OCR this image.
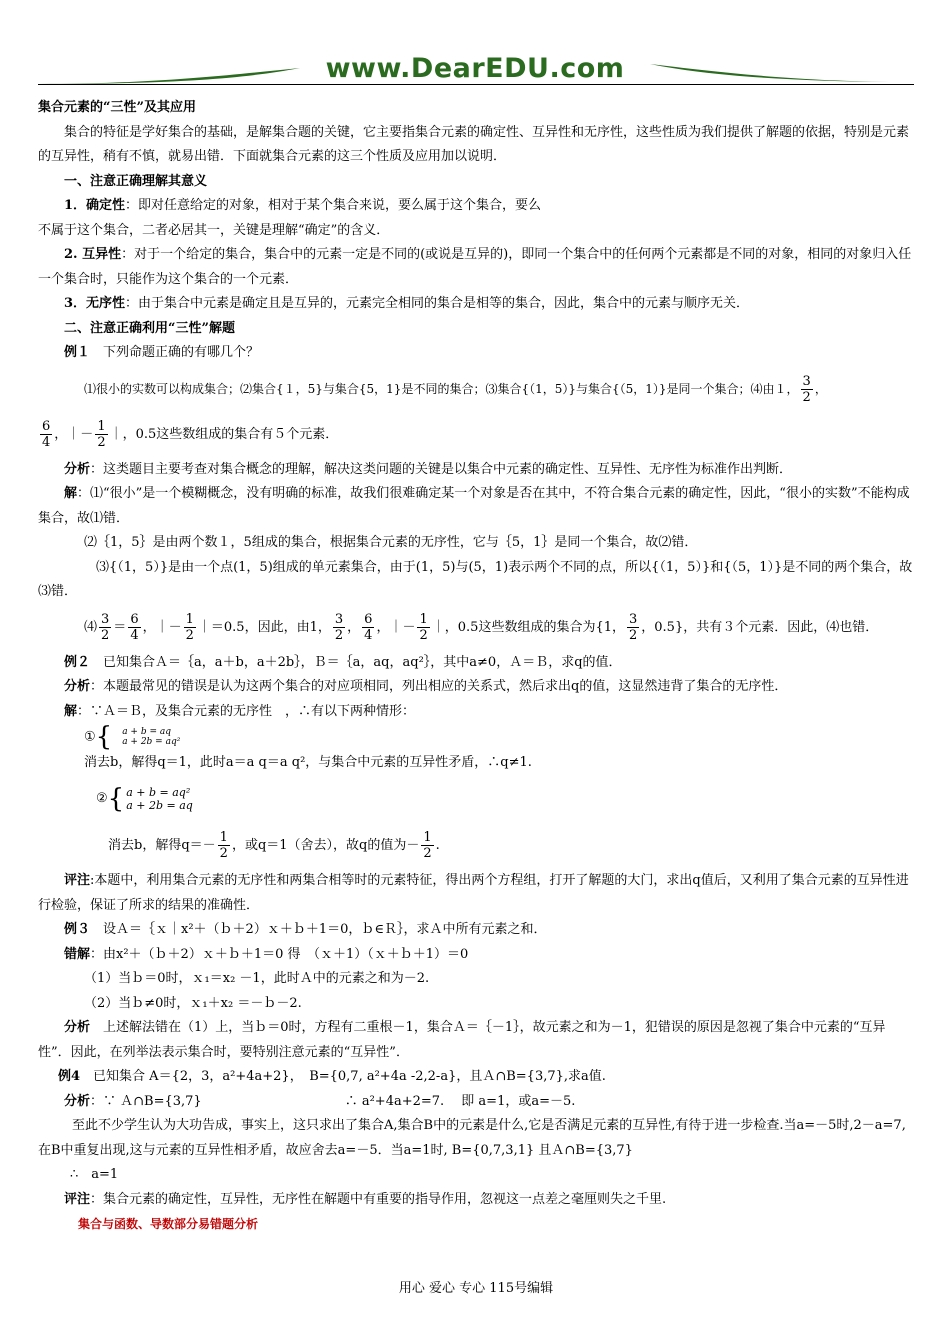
www.DearEDU.com

集合元素的“三性”及其应用

集合的特征是学好集合的基础，是解集合题的关键，它主要指集合元素的确定性、互异性和无序性，这些性质为我们提供了解题的依据，特别是元素的互异性，稍有不慎，就易出错．下面就集合元素的这三个性质及应用加以说明．

一、注意正确理解其意义

1．确定性：即对任意给定的对象，相对于某个集合来说，要么属于这个集合，要么

不属于这个集合，二者必居其一，关键是理解“确定”的含义．

2. 互异性：对于一个给定的集合，集合中的元素一定是不同的(或说是互异的)，即同一个集合中的任何两个元素都是不同的对象，相同的对象归入任一个集合时，只能作为这个集合的一个元素．

3．无序性：由于集合中元素是确定且是互异的，元素完全相同的集合是相等的集合，因此，集合中的元素与顺序无关．

二、注意正确利用“三性”解题

例１　下列命题正确的有哪几个？

⑴很小的实数可以构成集合；⑵集合{１，5}与集合{5，1}是不同的集合；⑶集合{（1，5）}与集合{（5，1）}是同一个集合；⑷由１， $\frac{3}{2}$ ，

$\frac{6}{4}$ ，｜－ $\frac{1}{2}$ ｜，0.5这些数组成的集合有５个元素．

分析：这类题目主要考查对集合概念的理解，解决这类问题的关键是以集合中元素的确定性、互异性、无序性为标准作出判断．

解：⑴“很小”是一个模糊概念，没有明确的标准，故我们很难确定某一个对象是否在其中，不符合集合元素的确定性，因此，“很小的实数”不能构成集合，故⑴错．

⑵｛1，5｝是由两个数１，5组成的集合，根据集合元素的无序性，它与｛5，1｝是同一个集合，故⑵错．

⑶{（1，5）}是由一个点(1，5)组成的单元素集合，由于(1，5)与(5，1)表示两个不同的点，所以{（1，5）}和{（5，1）}是不同的两个集合，故⑶错．

⑷ $\frac{3}{2} = \frac{6}{4}$ ，｜－ $\frac{1}{2}$ ｜＝0.5，因此，由1， $\frac{3}{2}$ ， $\frac{6}{4}$ ，｜－ $\frac{1}{2}$ ｜，0.5这些数组成的集合为{1， $\frac{3}{2}$ ，0.5}，共有３个元素．因此，⑷也错．

例２　已知集合Ａ＝｛a，a＋b，a＋2b｝，Ｂ＝｛a，aq，aq²｝，其中a≠0，Ａ＝Ｂ，求q的值．

分析：本题最常见的错误是认为这两个集合的对应项相同，列出相应的关系式，然后求出q的值，这显然违背了集合的无序性．

解：∵Ａ＝Ｂ，及集合元素的无序性　，∴有以下两种情形：

①{ a + b = aq
a + 2b = aq²

消去b，解得q＝1，此时a＝a q＝a q²，与集合中元素的互异性矛盾，∴q≠1.

②{ a + b = aq²
a + 2b = aq

消去b，解得$q=- \frac{1}{2}$ ，或q＝1（舍去），故q的值为－ $\frac{1}{2}$ .

评注:本题中，利用集合元素的无序性和两集合相等时的元素特征，得出两个方程组，打开了解题的大门，求出q值后，又利用了集合元素的互异性进行检验，保证了所求的结果的准确性．

例３　设Ａ＝｛ｘ｜x²＋（ｂ＋2）ｘ＋ｂ＋1＝0，ｂ∈Ｒ｝，求Ａ中所有元素之和．

错解：由x²＋（ｂ＋2）ｘ＋ｂ＋1＝0 得　（ｘ＋1）（ｘ＋ｂ＋1）＝0

（1）当ｂ＝0时，ｘ₁＝x₂ －1，此时Ａ中的元素之和为－2.

（2）当ｂ≠0时，ｘ₁＋x₂ ＝－ｂ－2.

分析　上述解法错在（1）上，当ｂ＝0时，方程有二重根－1，集合Ａ＝｛－1｝，故元素之和为－1，犯错误的原因是忽视了集合中元素的“互异性”．因此，在列举法表示集合时，要特别注意元素的“互异性”．

例4　已知集合 A＝{2，3，a²+4a+2}，　B={0,7, a²+4a -2,2-a}，且Ａ∩B={3,7},求a值.

分析：∵ Ａ∩B={3,7}　　　　　　　　　　　∴ a²+4a+2=7.　 即 a=1，或a=－5.

至此不少学生认为大功告成，事实上，这只求出了集合A,集合B中的元素是什么,它是否满足元素的互异性,有待于进一步检查.当a=－5时,2－a=7,　在B中重复出现,这与元素的互异性相矛盾，故应舍去a=－5．当a=1时, B={0,7,3,1} 且Ａ∩B={3,7}

∴　a=1

评注：集合元素的确定性，互异性，无序性在解题中有重要的指导作用，忽视这一点差之毫厘则失之千里.

集合与函数、导数部分易错题分析

用心 爱心 专心 115号编辑
